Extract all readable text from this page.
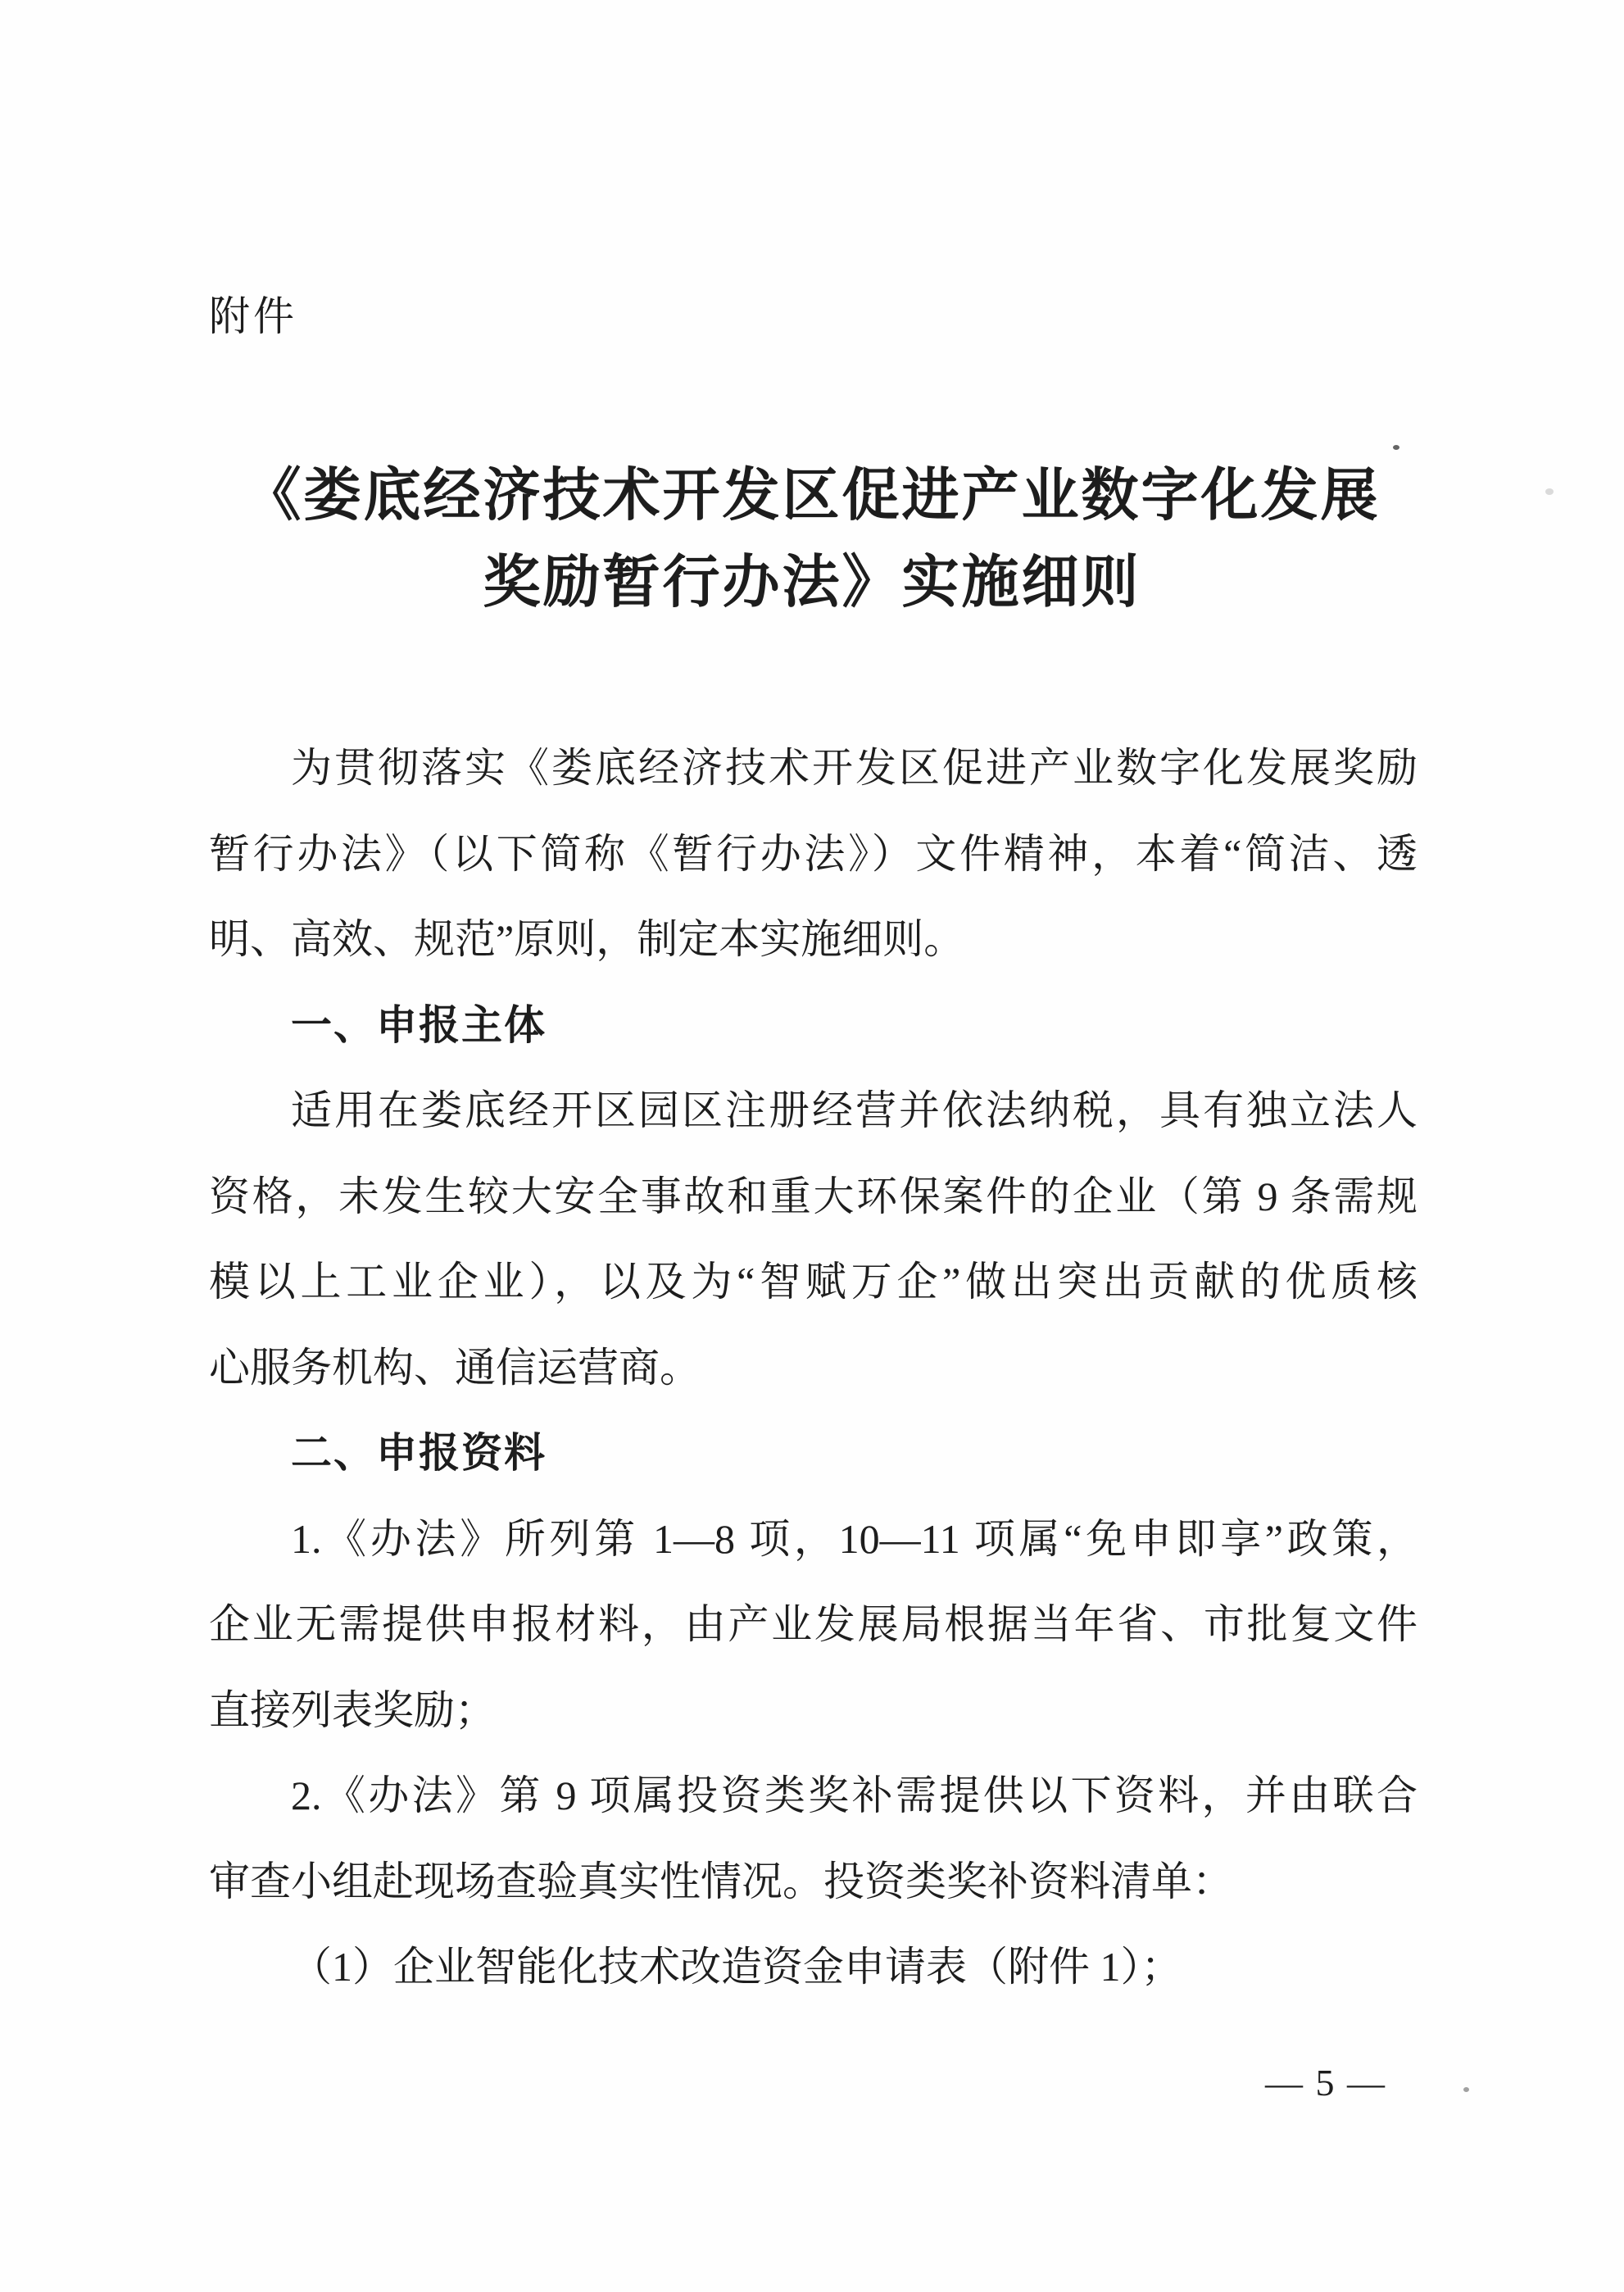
附件
《娄底经济技术开发区促进产业数字化发展
奖励暂行办法》实施细则
为贯彻落实《娄底经济技术开发区促进产业数字化发展奖励
暂行办法》（以下简称《暂行办法》）文件精神，本着“简洁、透
明、高效、规范”原则，制定本实施细则。
一、申报主体
适用在娄底经开区园区注册经营并依法纳税，具有独立法人
资格，未发生较大安全事故和重大环保案件的企业（第 9 条需规
模以上工业企业），以及为“智赋万企”做出突出贡献的优质核
心服务机构、通信运营商。
二、申报资料
1.《办法》所列第 1—8 项，10—11 项属“免申即享”政策，
企业无需提供申报材料，由产业发展局根据当年省、市批复文件
直接列表奖励；
2.《办法》第 9 项属投资类奖补需提供以下资料，并由联合
审查小组赴现场查验真实性情况。投资类奖补资料清单：
（1）企业智能化技术改造资金申请表（附件 1）；
— 5 —
